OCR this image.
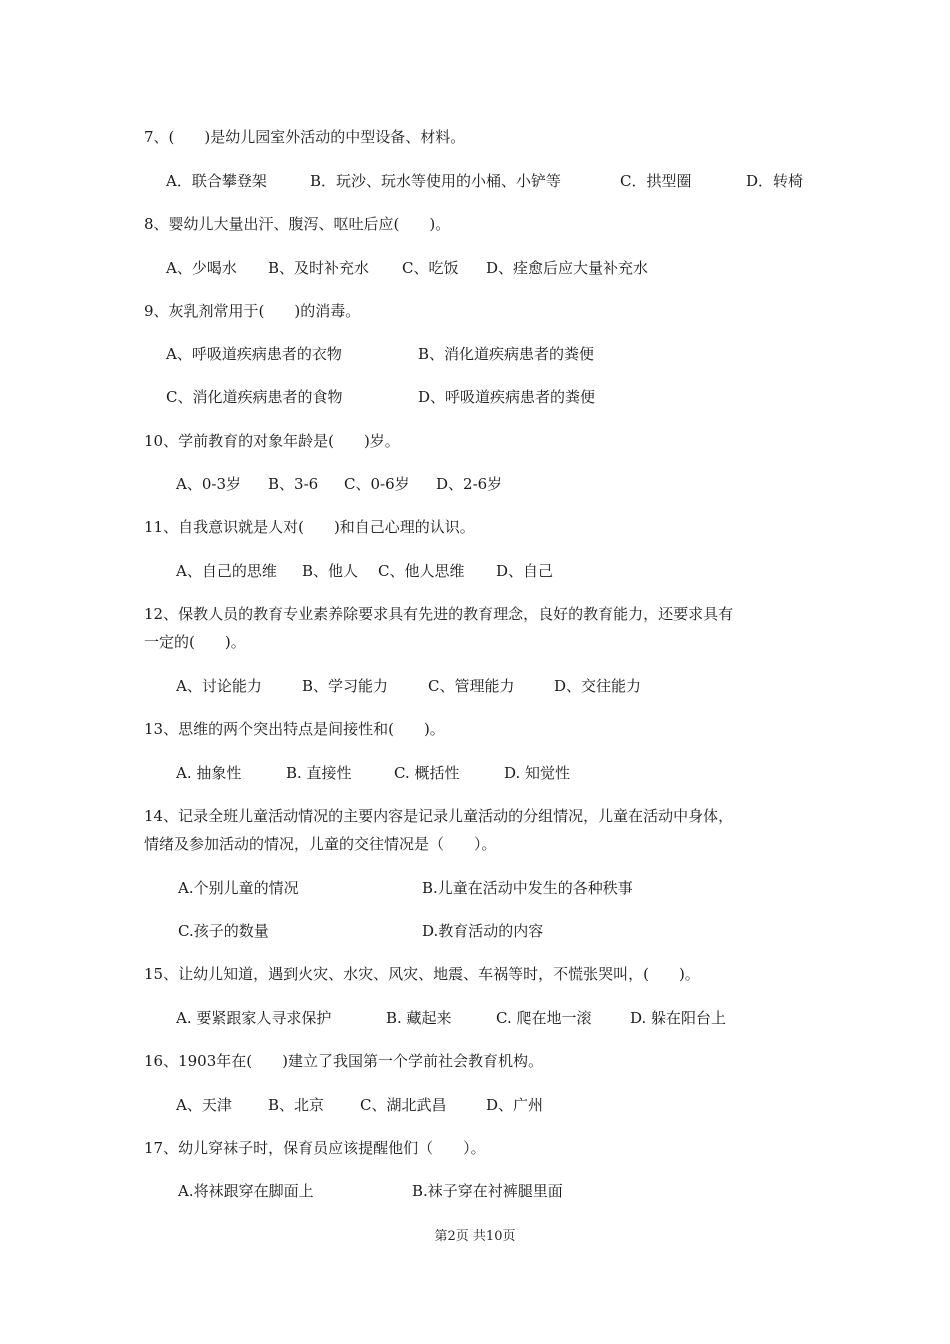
7、(　　)是幼儿园室外活动的中型设备、材料。
A．联合攀登架	B．玩沙、玩水等使用的小桶、小铲等	C．拱型圈	D．转椅
8、婴幼儿大量出汗、腹泻、呕吐后应(　　)。
A、少喝水 B、及时补充水 C、吃饭 D、痊愈后应大量补充水
9、灰乳剂常用于(　　)的消毒。
A、呼吸道疾病患者的衣物	B、消化道疾病患者的粪便
C、消化道疾病患者的食物	D、呼吸道疾病患者的粪便
10、学前教育的对象年龄是(　　)岁。
A、0-3岁 B、3-6 C、0-6岁 D、2-6岁
11、自我意识就是人对(　　)和自己心理的认识。
A、自己的思维 B、他人 C、他人思维 D、自己
12、保教人员的教育专业素养除要求具有先进的教育理念，良好的教育能力，还要求具有
一定的(　　)。
A、讨论能力	B、学习能力	C、管理能力	D、交往能力
13、思维的两个突出特点是间接性和(　　)。
A. 抽象性	B. 直接性	C. 概括性	D. 知觉性
14、记录全班儿童活动情况的主要内容是记录儿童活动的分组情况，儿童在活动中身体，
情绪及参加活动的情况，儿童的交往情况是（　　）。
A.个别儿童的情况	B.儿童在活动中发生的各种秩事
C.孩子的数量	D.教育活动的内容
15、让幼儿知道，遇到火灾、水灾、风灾、地震、车祸等时，不慌张哭叫，(　　)。
A. 要紧跟家人寻求保护	B. 藏起来	C. 爬在地一滚	D. 躲在阳台上
16、1903年在(　　)建立了我国第一个学前社会教育机构。
A、天津 B、北京 C、湖北武昌	D、广州
17、幼儿穿袜子时，保育员应该提醒他们（　　）。
A.将袜跟穿在脚面上	B.袜子穿在衬裤腿里面
第2页 共10页
